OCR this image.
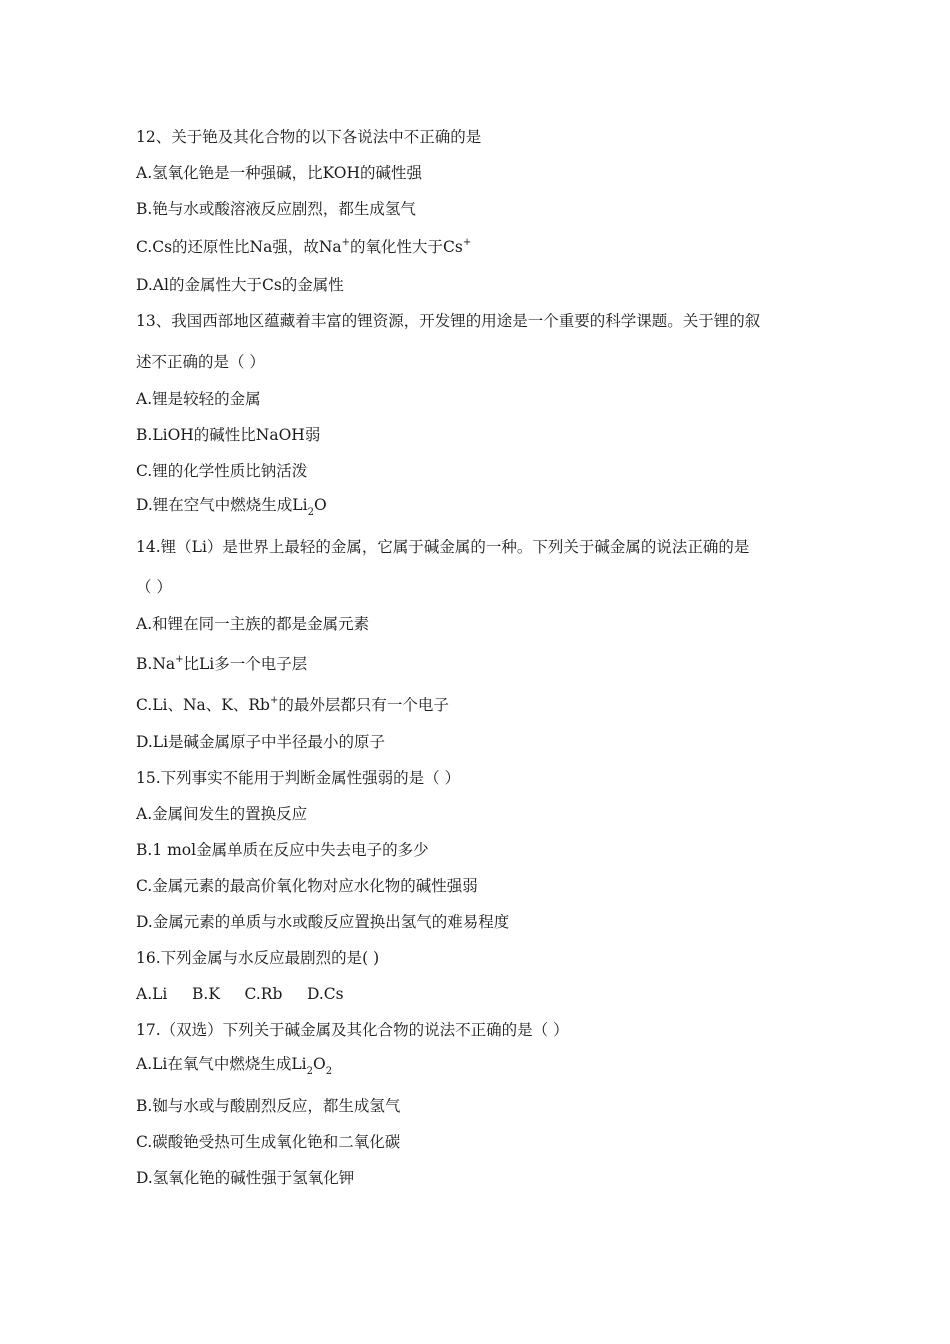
12、关于铯及其化合物的以下各说法中不正确的是
A.氢氧化铯是一种强碱，比KOH的碱性强
B.铯与水或酸溶液反应剧烈，都生成氢气
C.Cs的还原性比Na强，故Na+的氧化性大于Cs+
D.Al的金属性大于Cs的金属性
13、我国西部地区蕴藏着丰富的锂资源，开发锂的用途是一个重要的科学课题。关于锂的叙
述不正确的是（ ）
A.锂是较轻的金属
B.LiOH的碱性比NaOH弱
C.锂的化学性质比钠活泼
D.锂在空气中燃烧生成$Li_2O$
14.锂（Li）是世界上最轻的金属，它属于碱金属的一种。下列关于碱金属的说法正确的是
（ ）
A.和锂在同一主族的都是金属元素
B.Na+比Li多一个电子层
C.Li、Na、K、Rb+的最外层都只有一个电子
D.Li是碱金属原子中半径最小的原子
15.下列事实不能用于判断金属性强弱的是（ ）
A.金属间发生的置换反应
B.1 mol金属单质在反应中失去电子的多少
C.金属元素的最高价氧化物对应水化物的碱性强弱
D.金属元素的单质与水或酸反应置换出氢气的难易程度
16.下列金属与水反应最剧烈的是( )
A.Li     B.K     C.Rb     D.Cs
17.（双选）下列关于碱金属及其化合物的说法不正确的是（ ）
A.Li在氧气中燃烧生成$Li_2O_2$
B.铷与水或与酸剧烈反应，都生成氢气
C.碳酸铯受热可生成氧化铯和二氧化碳
D.氢氧化铯的碱性强于氢氧化钾
